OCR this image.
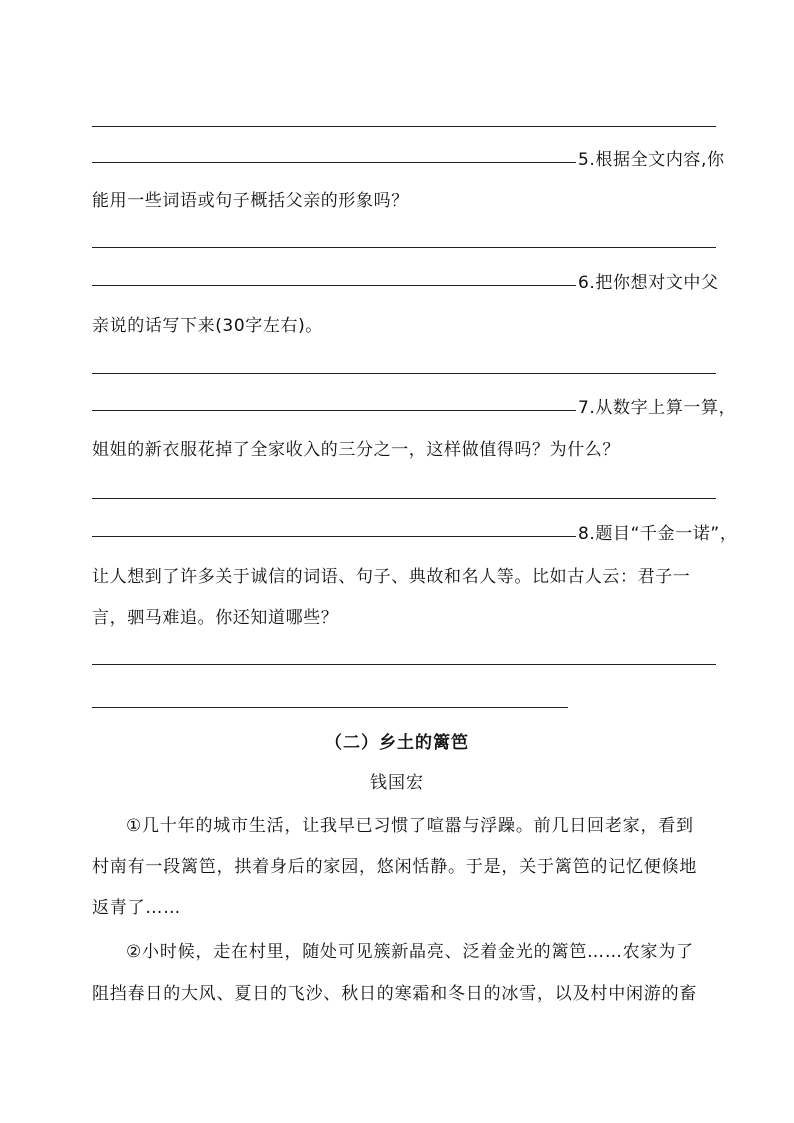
5.根据全文内容,你
能用一些词语或句子概括父亲的形象吗？
6.把你想对文中父
亲说的话写下来(30字左右)。
7.从数字上算一算，
姐姐的新衣服花掉了全家收入的三分之一，这样做值得吗？为什么？
8.题目“千金一诺”，
让人想到了许多关于诚信的词语、句子、典故和名人等。比如古人云：君子一
言，驷马难追。你还知道哪些？
（二）乡土的篱笆
钱国宏
①几十年的城市生活，让我早已习惯了喧嚣与浮躁。前几日回老家，看到
村南有一段篱笆，拱着身后的家园，悠闲恬静。于是，关于篱笆的记忆便倏地
返青了……
②小时候，走在村里，随处可见簇新晶亮、泛着金光的篱笆……农家为了
阻挡春日的大风、夏日的飞沙、秋日的寒霜和冬日的冰雪，以及村中闲游的畜
